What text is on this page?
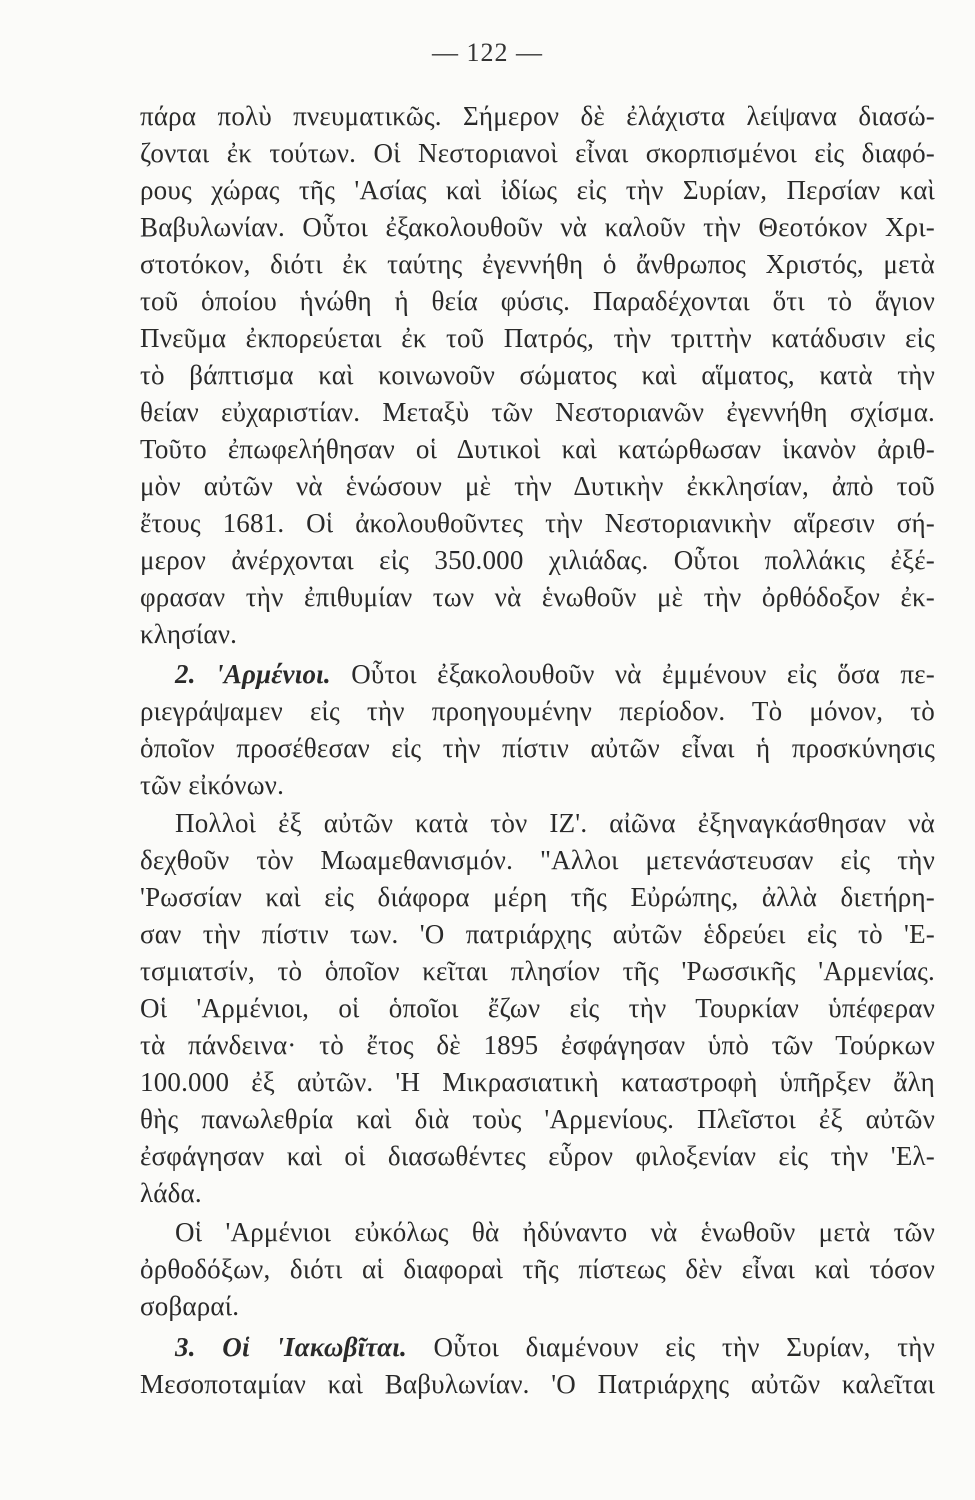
— 122 —
πάρα πολὺ πνευματικῶς. Σήμερον δὲ ἐλάχιστα λείψανα διασώ-
ζονται ἐκ τούτων. Οἱ Νεστοριανοὶ εἶναι σκορπισμένοι εἰς διαφό-
ρους χώρας τῆς 'Ασίας καὶ ἰδίως εἰς τὴν Συρίαν, Περσίαν καὶ
Βαβυλωνίαν. Οὗτοι ἐξακολουθοῦν νὰ καλοῦν τὴν Θεοτόκον Χρι-
στοτόκον, διότι ἐκ ταύτης ἐγεννήθη ὁ ἄνθρωπος Χριστός, μετὰ
τοῦ ὁποίου ἡνώθη ἡ θεία φύσις. Παραδέχονται ὅτι τὸ ἅγιον
Πνεῦμα ἐκπορεύεται ἐκ τοῦ Πατρός, τὴν τριττὴν κατάδυσιν εἰς
τὸ βάπτισμα καὶ κοινωνοῦν σώματος καὶ αἵματος, κατὰ τὴν
θείαν εὐχαριστίαν. Μεταξὺ τῶν Νεστοριανῶν ἐγεννήθη σχίσμα.
Τοῦτο ἐπωφελήθησαν οἱ Δυτικοὶ καὶ κατώρθωσαν ἱκανὸν ἀριθ-
μὸν αὐτῶν νὰ ἑνώσουν μὲ τὴν Δυτικὴν ἐκκλησίαν, ἀπὸ τοῦ
ἔτους 1681. Οἱ ἀκολουθοῦντες τὴν Νεστοριανικὴν αἵρεσιν σή-
μερον ἀνέρχονται εἰς 350.000 χιλιάδας. Οὗτοι πολλάκις ἐξέ-
φρασαν τὴν ἐπιθυμίαν των νὰ ἑνωθοῦν μὲ τὴν ὀρθόδοξον ἐκ-
κλησίαν.
2. 'Αρμένιοι. Οὗτοι ἐξακολουθοῦν νὰ ἐμμένουν εἰς ὅσα πε-
ριεγράψαμεν εἰς τὴν προηγουμένην περίοδον. Τὸ μόνον, τὸ
ὁποῖον προσέθεσαν εἰς τὴν πίστιν αὐτῶν εἶναι ἡ προσκύνησις
τῶν εἰκόνων.
Πολλοὶ ἐξ αὐτῶν κατὰ τὸν ΙΖ'. αἰῶνα ἐξηναγκάσθησαν νὰ
δεχθοῦν τὸν Μωαμεθανισμόν. "Αλλοι μετενάστευσαν εἰς τὴν
'Ρωσσίαν καὶ εἰς διάφορα μέρη τῆς Εὐρώπης, ἀλλὰ διετήρη-
σαν τὴν πίστιν των. 'Ο πατριάρχης αὐτῶν ἑδρεύει εἰς τὸ 'Ε-
τσμιατσίν, τὸ ὁποῖον κεῖται πλησίον τῆς 'Ρωσσικῆς 'Αρμενίας.
Οἱ 'Αρμένιοι, οἱ ὁποῖοι ἔζων εἰς τὴν Τουρκίαν ὑπέφεραν
τὰ πάνδεινα· τὸ ἔτος δὲ 1895 ἐσφάγησαν ὑπὸ τῶν Τούρκων
100.000 ἐξ αὐτῶν. 'Η Μικρασιατικὴ καταστροφὴ ὑπῆρξεν ἄλη
θὴς πανωλεθρία καὶ διὰ τοὺς 'Αρμενίους. Πλεῖστοι ἐξ αὐτῶν
ἐσφάγησαν καὶ οἱ διασωθέντες εὗρον φιλοξενίαν εἰς τὴν 'Ελ-
λάδα.
Οἱ 'Αρμένιοι εὐκόλως θὰ ἠδύναντο νὰ ἑνωθοῦν μετὰ τῶν
ὀρθοδόξων, διότι αἱ διαφοραὶ τῆς πίστεως δὲν εἶναι καὶ τόσον
σοβαραί.
3. Οἱ 'Ιακωβῖται. Οὗτοι διαμένουν εἰς τὴν Συρίαν, τὴν
Μεσοποταμίαν καὶ Βαβυλωνίαν. 'Ο Πατριάρχης αὐτῶν καλεῖται
